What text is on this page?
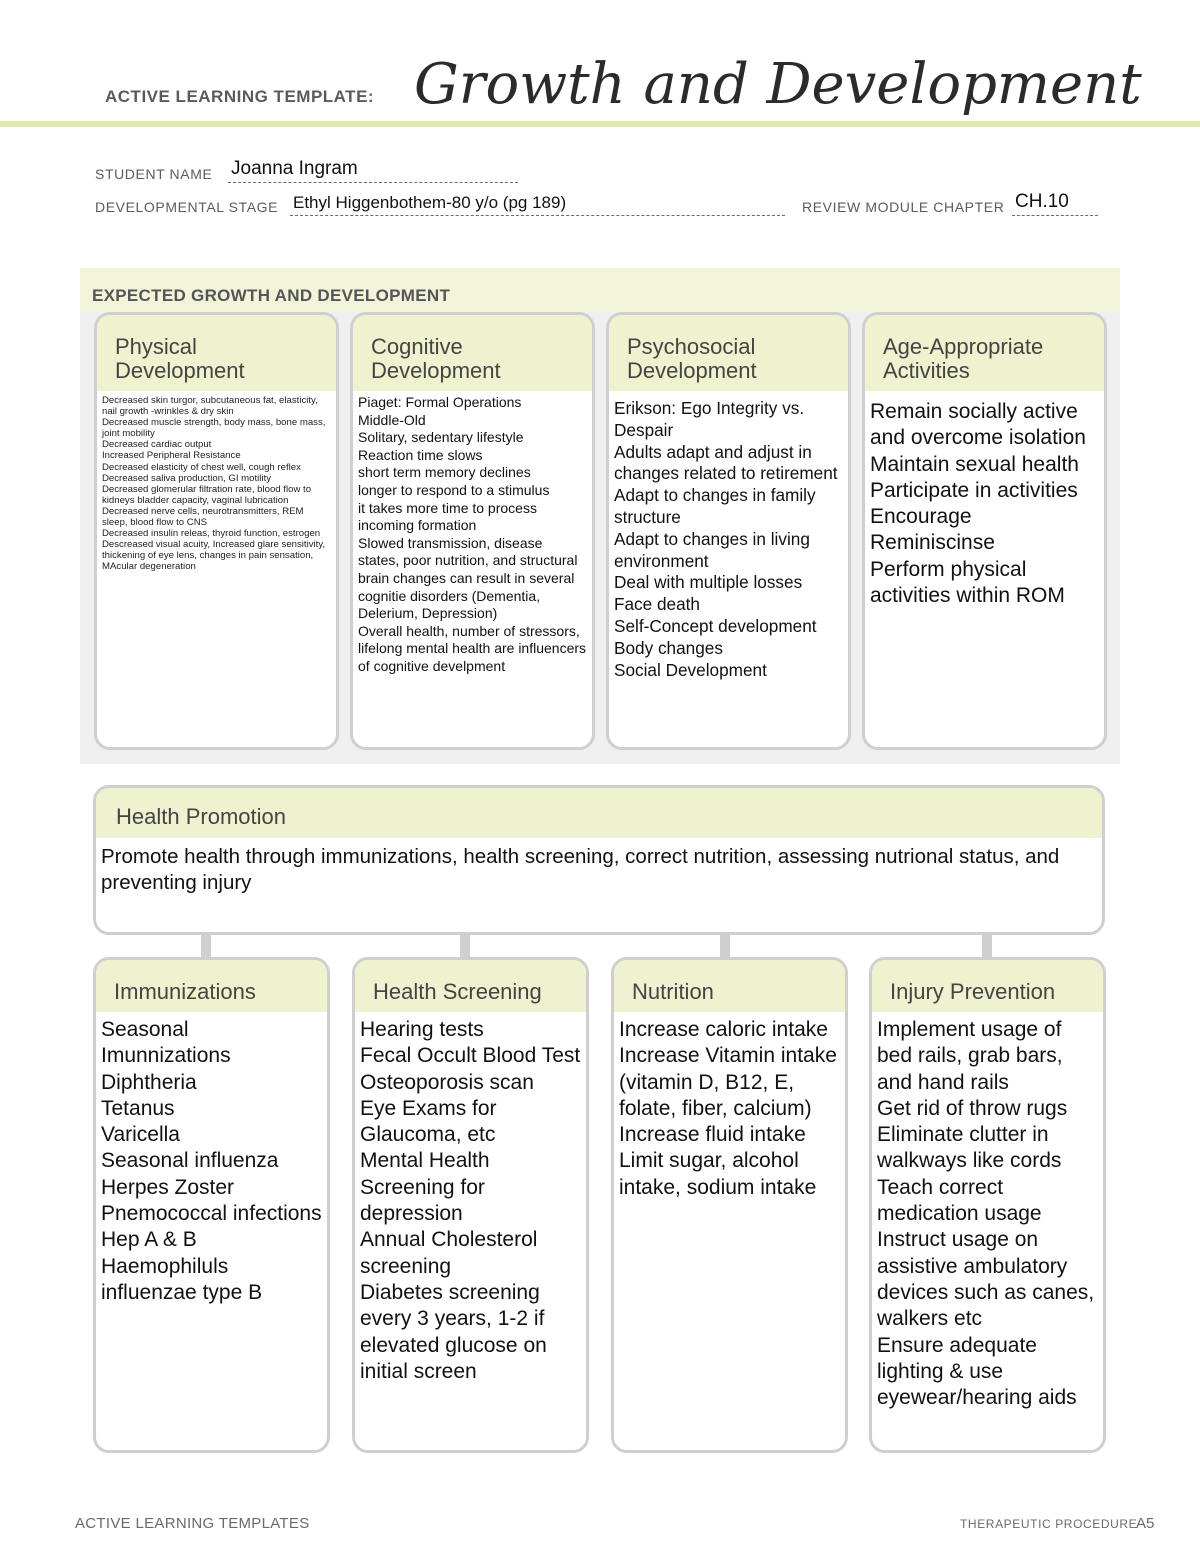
ACTIVE LEARNING TEMPLATE: Growth and Development
STUDENT NAME Joanna Ingram
DEVELOPMENTAL STAGE Ethyl Higgenbothem-80 y/o (pg 189)	REVIEW MODULE CHAPTER CH.10
EXPECTED GROWTH AND DEVELOPMENT
Physical
Development
Decreased skin turgor, subcutaneous fat, elasticity, nail growth -wrinkles & dry skin
Decreased muscle strength, body mass, bone mass, joint mobility
Decreased cardiac output
Increased Peripheral Resistance
Decreased elasticity of chest well, cough reflex
Decreased saliva production, GI motility
Decreased glomerular filtration rate, blood flow to kidneys bladder capacity, vaginal lubrication
Decreased nerve cells, neurotransmitters, REM sleep, blood flow to CNS
Decreased insulin releas, thyroid function, estrogen
Descreased visual acuity, Increased glare sensitivity, thickening of eye lens, changes in pain sensation, MAcular degeneration
Cognitive
Development
Piaget: Formal Operations
Middle-Old
Solitary, sedentary lifestyle
Reaction time slows
short term memory declines
longer to respond to a stimulus
it takes more time to process incoming formation
Slowed transmission, disease states, poor nutrition, and structural brain changes can result in several cognitie disorders (Dementia, Delerium, Depression)
Overall health, number of stressors, lifelong mental health are influencers of cognitive develpment
Psychosocial
Development
Erikson: Ego Integrity vs. Despair
Adults adapt and adjust in changes related to retirement
Adapt to changes in family structure
Adapt to changes in living environment
Deal with multiple losses
Face death
Self-Concept development
Body changes
Social Development
Age-Appropriate
Activities
Remain socially active and overcome isolation
Maintain sexual health
Participate in activities
Encourage Reminiscinse
Perform physical activities within ROM
Health Promotion
Promote health through immunizations, health screening, correct nutrition, assessing nutrional status, and preventing injury
Immunizations
Seasonal Imunnizations
Diphtheria
Tetanus
Varicella
Seasonal influenza
Herpes Zoster
Pnemococcal infections
Hep A & B
Haemophiluls influenzae type B
Health Screening
Hearing tests
Fecal Occult Blood Test
Osteoporosis scan
Eye Exams for Glaucoma, etc
Mental Health Screening for depression
Annual Cholesterol screening
Diabetes screening every 3 years, 1-2 if elevated glucose on initial screen
Nutrition
Increase caloric intake
Increase Vitamin intake (vitamin D, B12, E, folate, fiber, calcium)
Increase fluid intake
Limit sugar, alcohol intake, sodium intake
Injury Prevention
Implement usage of bed rails, grab bars, and hand rails
Get rid of throw rugs
Eliminate clutter in walkways like cords
Teach correct medication usage
Instruct usage on assistive ambulatory devices such as canes, walkers etc
Ensure adequate lighting & use eyewear/hearing aids
ACTIVE LEARNING TEMPLATES	THERAPEUTIC PROCEDURE
A5
